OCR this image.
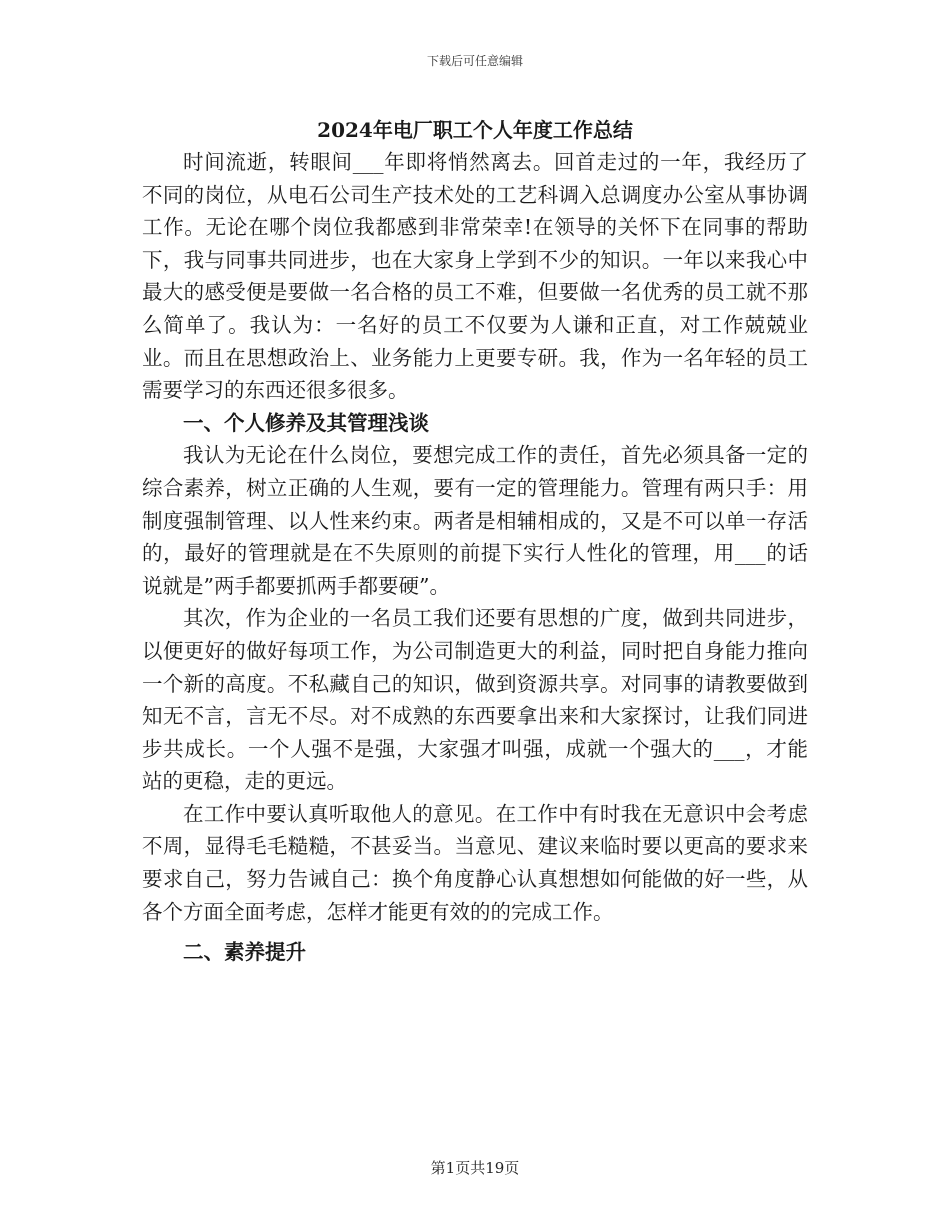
下载后可任意编辑
2024年电厂职工个人年度工作总结

时间流逝，转眼间___年即将悄然离去。回首走过的一年，我经历了不同的岗位，从电石公司生产技术处的工艺科调入总调度办公室从事协调工作。无论在哪个岗位我都感到非常荣幸!在领导的关怀下在同事的帮助下，我与同事共同进步，也在大家身上学到不少的知识。一年以来我心中最大的感受便是要做一名合格的员工不难，但要做一名优秀的员工就不那么简单了。我认为：一名好的员工不仅要为人谦和正直，对工作兢兢业业。而且在思想政治上、业务能力上更要专研。我，作为一名年轻的员工需要学习的东西还很多很多。

一、个人修养及其管理浅谈

我认为无论在什么岗位，要想完成工作的责任，首先必须具备一定的综合素养，树立正确的人生观，要有一定的管理能力。管理有两只手：用制度强制管理、以人性来约束。两者是相辅相成的，又是不可以单一存活的，最好的管理就是在不失原则的前提下实行人性化的管理，用___的话说就是”两手都要抓两手都要硬”。

其次，作为企业的一名员工我们还要有思想的广度，做到共同进步，以便更好的做好每项工作，为公司制造更大的利益，同时把自身能力推向一个新的高度。不私藏自己的知识，做到资源共享。对同事的请教要做到知无不言，言无不尽。对不成熟的东西要拿出来和大家探讨，让我们同进步共成长。一个人强不是强，大家强才叫强，成就一个强大的___，才能站的更稳，走的更远。

在工作中要认真听取他人的意见。在工作中有时我在无意识中会考虑不周，显得毛毛糙糙，不甚妥当。当意见、建议来临时要以更高的要求来要求自己，努力告诫自己：换个角度静心认真想想如何能做的好一些，从各个方面全面考虑，怎样才能更有效的的完成工作。

二、素养提升

第1页共19页
